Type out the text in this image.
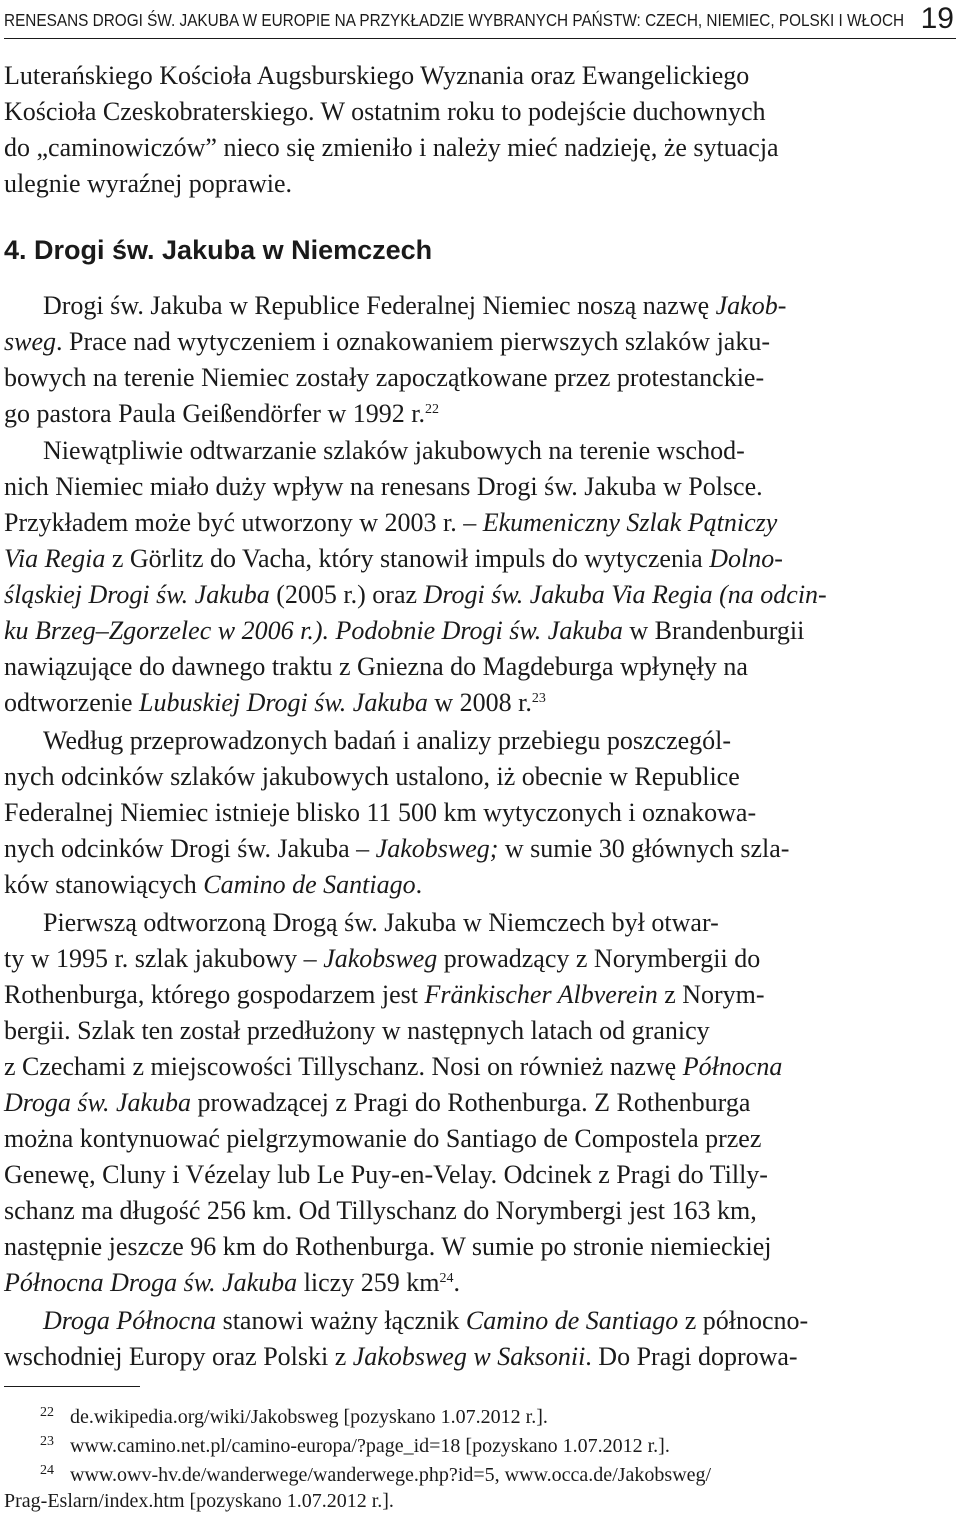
RENESANS DROGI ŚW. JAKUBA W EUROPIE NA PRZYKŁADZIE WYBRANYCH PAŃSTW: CZECH, NIEMIEC, POLSKI I WŁOCH 19
Luterańskiego Kościoła Augsburskiego Wyznania oraz Ewangelickiego
Kościoła Czeskobraterskiego. W ostatnim roku to podejście duchownych
do „caminowiczów” nieco się zmieniło i należy mieć nadzieję, że sytuacja
ulegnie wyraźnej poprawie.
4. Drogi św. Jakuba w Niemczech
  Drogi św. Jakuba w Republice Federalnej Niemiec noszą nazwę Jakob-
sweg. Prace nad wytyczeniem i oznakowaniem pierwszych szlaków jaku-
bowych na terenie Niemiec zostały zapoczątkowane przez protestanckie-
go pastora Paula Geißendörfer w 1992 r.$^{22}$
  Niewątpliwie odtwarzanie szlaków jakubowych na terenie wschod-
nich Niemiec miało duży wpływ na renesans Drogi św. Jakuba w Polsce.
Przykładem może być utworzony w 2003 r. – Ekumeniczny Szlak Pątniczy
Via Regia z Görlitz do Vacha, który stanowił impuls do wytyczenia Dolno-
śląskiej Drogi św. Jakuba (2005 r.) oraz Drogi św. Jakuba Via Regia (na odcin-
ku Brzeg–Zgorzelec w 2006 r.). Podobnie Drogi św. Jakuba w Brandenburgii
nawiązujące do dawnego traktu z Gniezna do Magdeburga wpłynęły na
odtworzenie Lubuskiej Drogi św. Jakuba w 2008 r.$^{23}$
  Według przeprowadzonych badań i analizy przebiegu poszczegól-
nych odcinków szlaków jakubowych ustalono, iż obecnie w Republice
Federalnej Niemiec istnieje blisko 11 500 km wytyczonych i oznakowa-
nych odcinków Drogi św. Jakuba – Jakobsweg; w sumie 30 głównych szla-
ków stanowiących Camino de Santiago.
  Pierwszą odtworzoną Drogą św. Jakuba w Niemczech był otwar-
ty w 1995 r. szlak jakubowy – Jakobsweg prowadzący z Norymbergii do
Rothenburga, którego gospodarzem jest Fränkischer Albverein z Norym-
bergii. Szlak ten został przedłużony w następnych latach od granicy
z Czechami z miejscowości Tillyschanz. Nosi on również nazwę Północna
Droga św. Jakuba prowadzącej z Pragi do Rothenburga. Z Rothenburga
można kontynuować pielgrzymowanie do Santiago de Compostela przez
Genewę, Cluny i Vézelay lub Le Puy-en-Velay. Odcinek z Pragi do Tilly-
schanz ma długość 256 km. Od Tillyschanz do Norymbergi jest 163 km,
następnie jeszcze 96 km do Rothenburga. W sumie po stronie niemieckiej
Północna Droga św. Jakuba liczy 259 $km^{24}$.
  Droga Północna stanowi ważny łącznik Camino de Santiago z północno-
wschodniej Europy oraz Polski z Jakobsweg w Saksonii. Do Pragi doprowa-
22 de.wikipedia.org/wiki/Jakobsweg [pozyskano 1.07.2012 r.].
23 www.camino.net.pl/camino-europa/?page_id=18 [pozyskano 1.07.2012 r.].
24 www.owv-hv.de/wanderwege/wanderwege.php?id=5, www.occa.de/Jakobsweg/
Prag-Eslarn/index.htm [pozyskano 1.07.2012 r.].
